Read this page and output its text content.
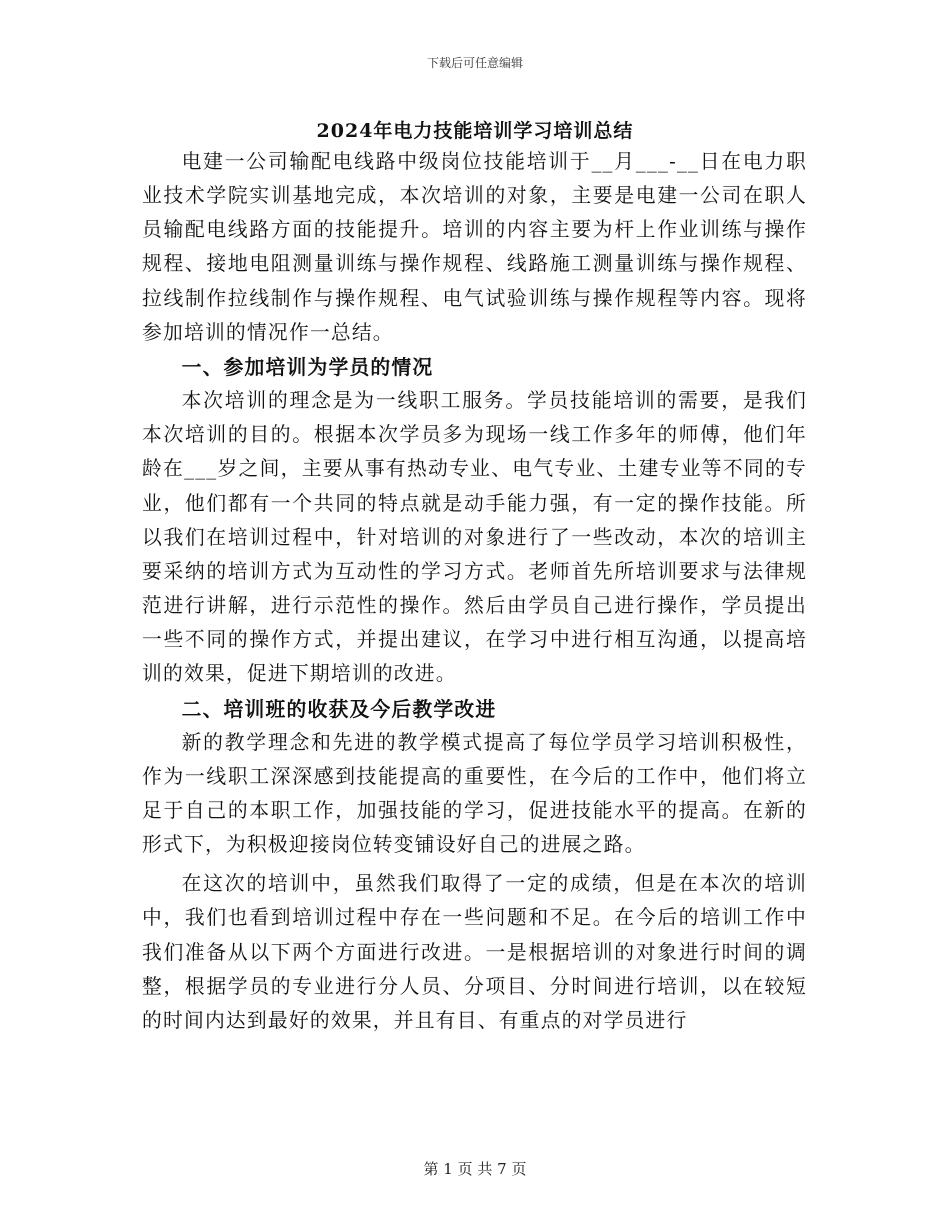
下载后可任意编辑
2024年电力技能培训学习培训总结

电建一公司输配电线路中级岗位技能培训于__月___-__日在电力职业技术学院实训基地完成，本次培训的对象，主要是电建一公司在职人员输配电线路方面的技能提升。培训的内容主要为杆上作业训练与操作规程、接地电阻测量训练与操作规程、线路施工测量训练与操作规程、拉线制作拉线制作与操作规程、电气试验训练与操作规程等内容。现将参加培训的情况作一总结。

一、参加培训为学员的情况

本次培训的理念是为一线职工服务。学员技能培训的需要，是我们本次培训的目的。根据本次学员多为现场一线工作多年的师傅，他们年龄在___岁之间，主要从事有热动专业、电气专业、土建专业等不同的专业，他们都有一个共同的特点就是动手能力强，有一定的操作技能。所以我们在培训过程中，针对培训的对象进行了一些改动，本次的培训主要采纳的培训方式为互动性的学习方式。老师首先所培训要求与法律规范进行讲解，进行示范性的操作。然后由学员自己进行操作，学员提出一些不同的操作方式，并提出建议，在学习中进行相互沟通，以提高培训的效果，促进下期培训的改进。

二、培训班的收获及今后教学改进

新的教学理念和先进的教学模式提高了每位学员学习培训积极性，作为一线职工深深感到技能提高的重要性，在今后的工作中，他们将立足于自己的本职工作，加强技能的学习，促进技能水平的提高。在新的形式下，为积极迎接岗位转变铺设好自己的进展之路。

在这次的培训中，虽然我们取得了一定的成绩，但是在本次的培训中，我们也看到培训过程中存在一些问题和不足。在今后的培训工作中我们准备从以下两个方面进行改进。一是根据培训的对象进行时间的调整，根据学员的专业进行分人员、分项目、分时间进行培训，以在较短的时间内达到最好的效果，并且有目、有重点的对学员进行

第 1 页 共 7 页
